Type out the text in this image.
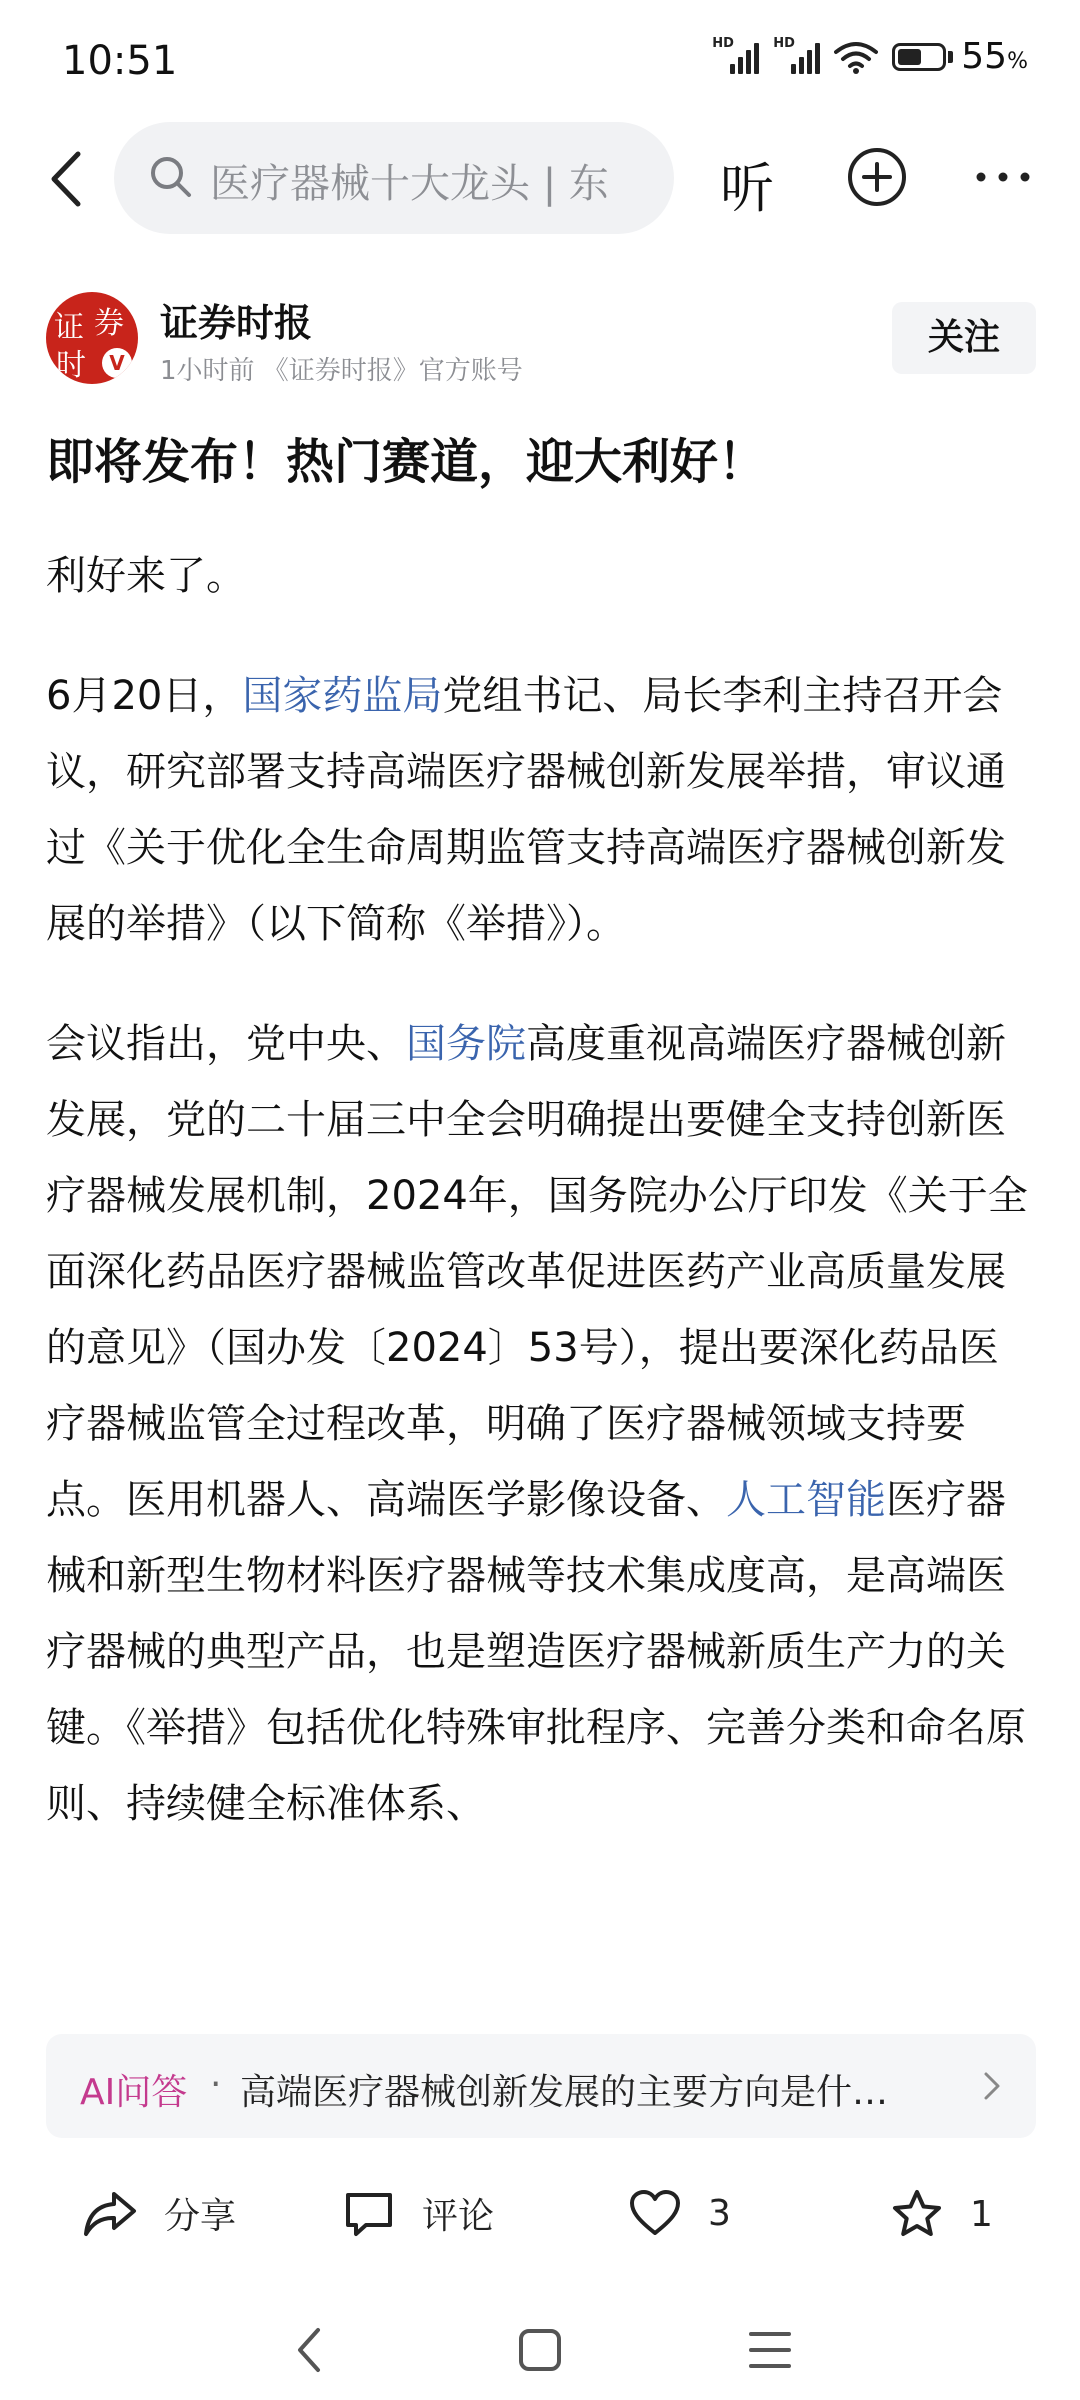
10:51	HD	HD	55%
医疗器械十大龙头 | 东	听
证 券
时	V
证券时报
1小时前 《证券时报》官方账号
关注
即将发布！热门赛道，迎大利好！
利好来了。
6月20日，国家药监局党组书记、局长李利主持召开会议，研究部署支持高端医疗器械创新发展举措，审议通过《关于优化全生命周期监管支持高端医疗器械创新发展的举措》（以下简称《举措》）。
会议指出，党中央、国务院高度重视高端医疗器械创新发展，党的二十届三中全会明确提出要健全支持创新医疗器械发展机制，2024年，国务院办公厅印发《关于全面深化药品医疗器械监管改革促进医药产业高质量发展的意见》（国办发〔2024〕53号），提出要深化药品医疗器械监管全过程改革，明确了医疗器械领域支持要点。医用机器人、高端医学影像设备、人工智能医疗器械和新型生物材料医疗器械等技术集成度高，是高端医疗器械的典型产品，也是塑造医疗器械新质生产力的关键。《举措》包括优化特殊审批程序、完善分类和命名原则、持续健全标准体系、
AI问答 · 高端医疗器械创新发展的主要方向是什…
分享	评论	3	1
